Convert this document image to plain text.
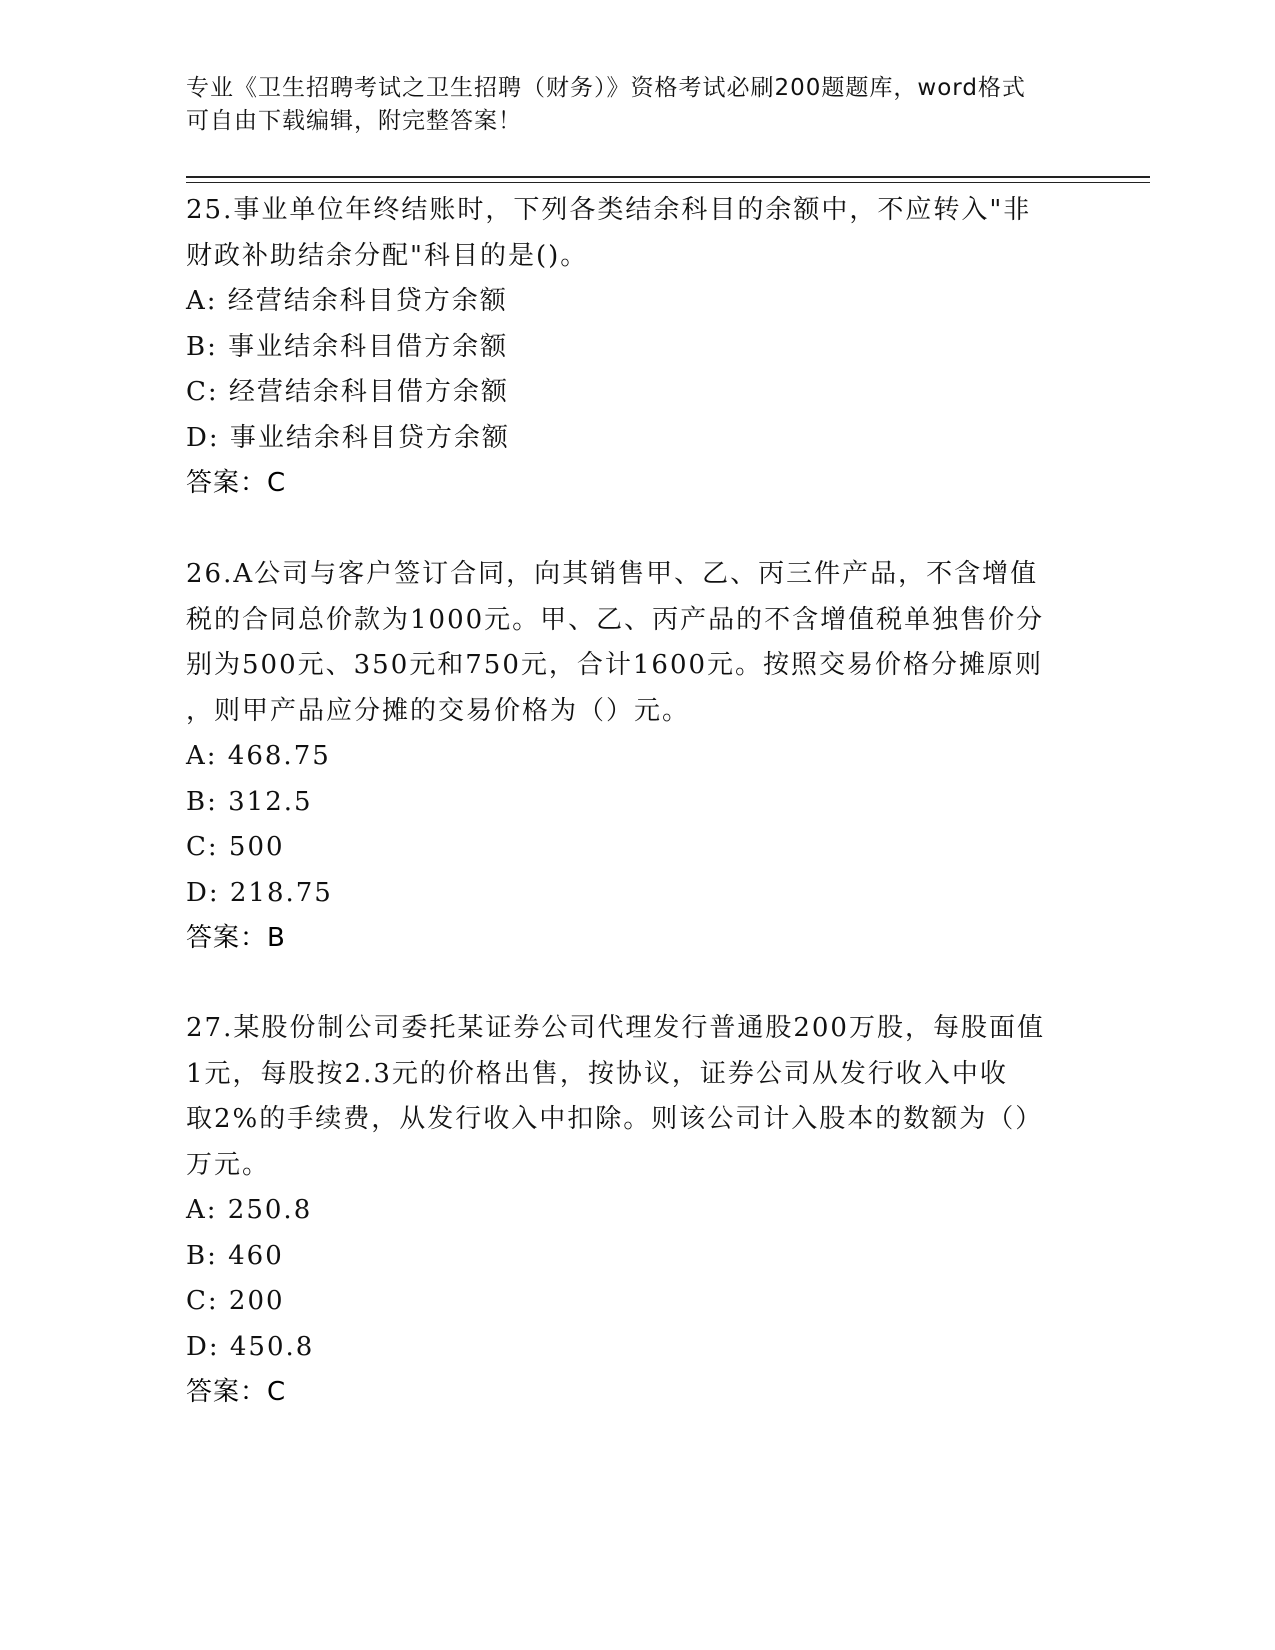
专业《卫生招聘考试之卫生招聘（财务）》资格考试必刷200题题库，word格式
可自由下载编辑，附完整答案！
25.事业单位年终结账时，下列各类结余科目的余额中，不应转入"非
财政补助结余分配"科目的是()。
A: 经营结余科目贷方余额
B: 事业结余科目借方余额
C: 经营结余科目借方余额
D: 事业结余科目贷方余额
答案：C
26.A公司与客户签订合同，向其销售甲、乙、丙三件产品，不含增值
税的合同总价款为1000元。甲、乙、丙产品的不含增值税单独售价分
别为500元、350元和750元，合计1600元。按照交易价格分摊原则
，则甲产品应分摊的交易价格为（）元。
A: 468.75
B: 312.5
C: 500
D: 218.75
答案：B
27.某股份制公司委托某证券公司代理发行普通股200万股，每股面值
1元，每股按2.3元的价格出售，按协议，证券公司从发行收入中收
取2%的手续费，从发行收入中扣除。则该公司计入股本的数额为（）
万元。
A: 250.8
B: 460
C: 200
D: 450.8
答案：C
